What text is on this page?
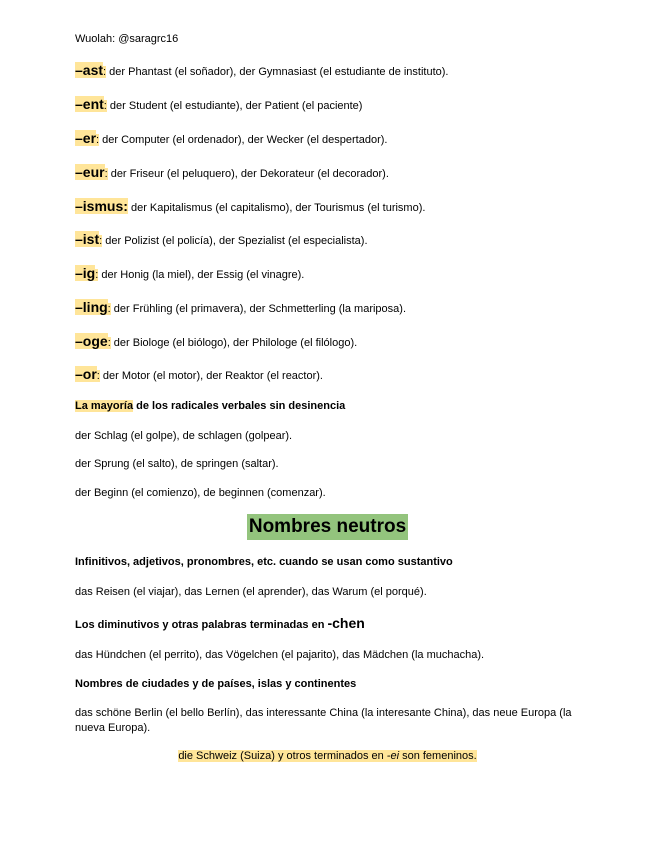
Wuolah: @saragrc16
–ast: der Phantast (el soñador), der Gymnasiast (el estudiante de instituto).
–ent: der Student (el estudiante), der Patient (el paciente)
–er: der Computer (el ordenador), der Wecker (el despertador).
–eur: der Friseur (el peluquero), der Dekorateur (el decorador).
–ismus: der Kapitalismus (el capitalismo), der Tourismus (el turismo).
–ist: der Polizist (el policía), der Spezialist (el especialista).
–ig: der Honig (la miel), der Essig (el vinagre).
–ling: der Frühling (el primavera), der Schmetterling (la mariposa).
–oge: der Biologe (el biólogo), der Philologe (el filólogo).
–or: der Motor (el motor), der Reaktor (el reactor).
La mayoría de los radicales verbales sin desinencia
der Schlag (el golpe), de schlagen (golpear).
der Sprung (el salto), de springen (saltar).
der Beginn (el comienzo), de beginnen (comenzar).
Nombres neutros
Infinitivos, adjetivos, pronombres, etc. cuando se usan como sustantivo
das Reisen (el viajar), das Lernen (el aprender), das Warum (el porqué).
Los diminutivos y otras palabras terminadas en -chen
das Hündchen (el perrito), das Vögelchen (el pajarito), das Mädchen (la muchacha).
Nombres de ciudades y de países, islas y continentes
das schöne Berlin (el bello Berlín), das interessante China (la interesante China), das neue Europa (la nueva Europa).
die Schweiz (Suiza) y otros terminados en -ei son femeninos.
